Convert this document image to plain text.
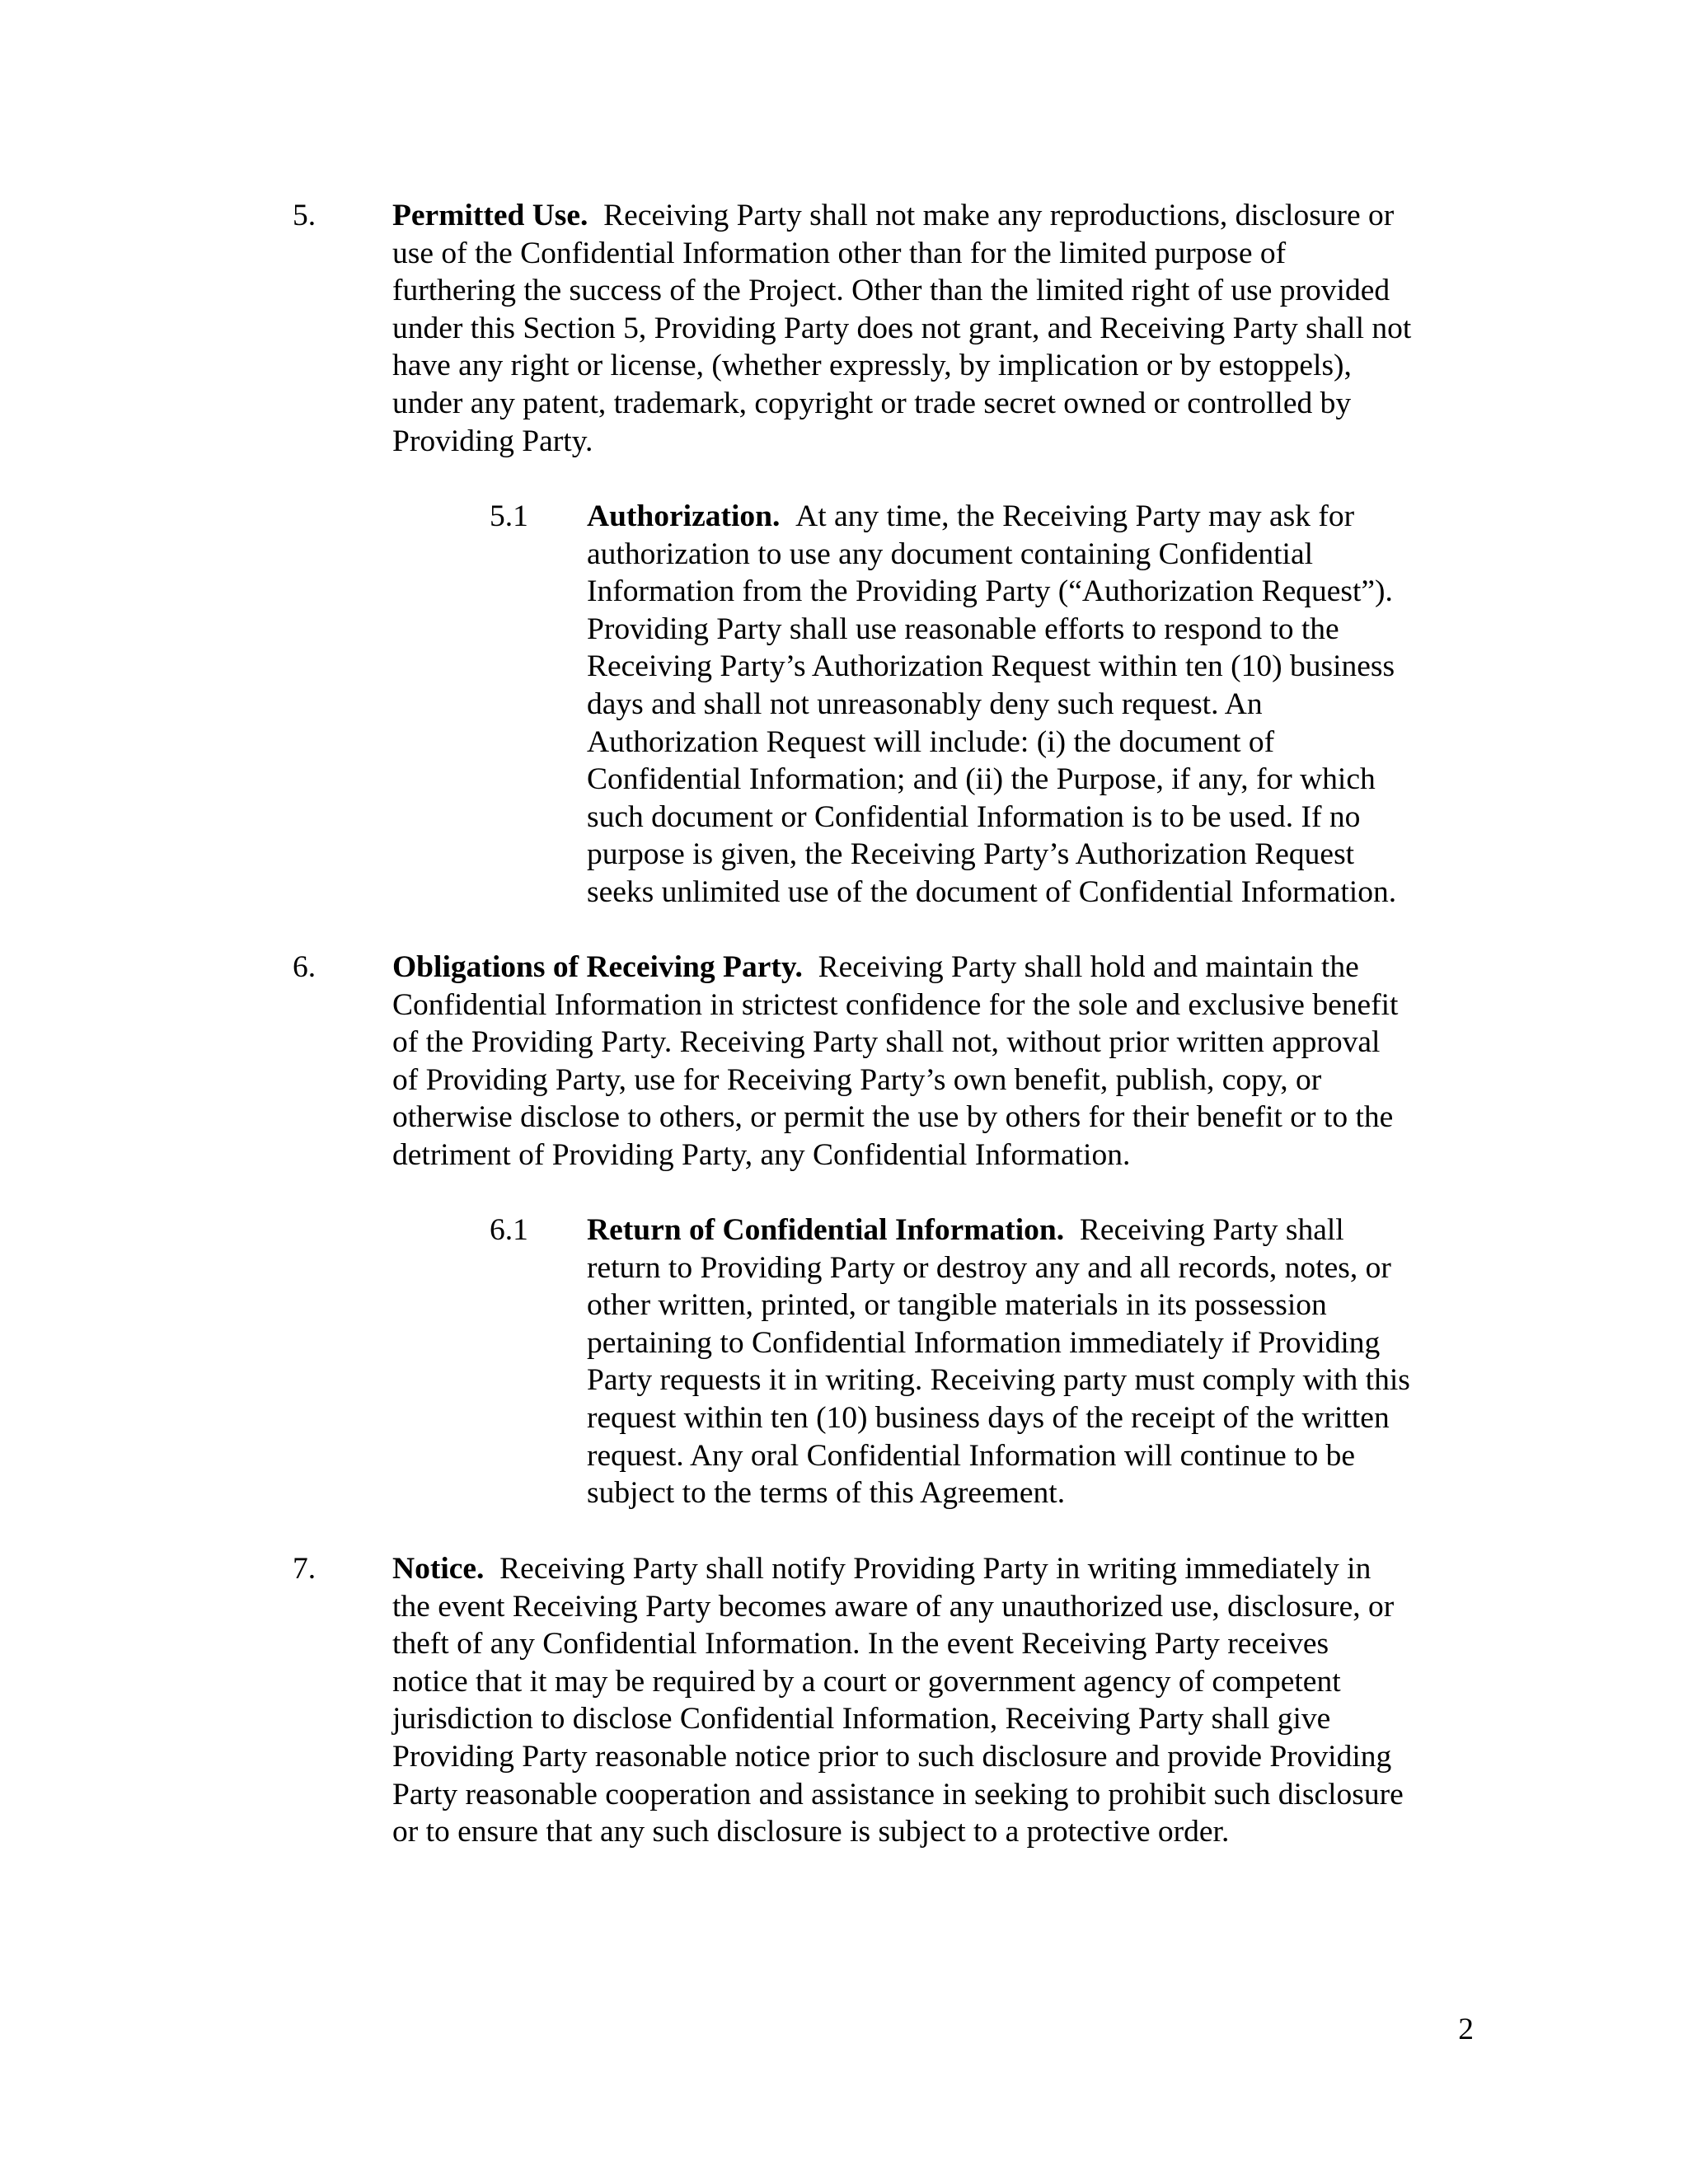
5. Permitted Use. Receiving Party shall not make any reproductions, disclosure or
use of the Confidential Information other than for the limited purpose of
furthering the success of the Project. Other than the limited right of use provided
under this Section 5, Providing Party does not grant, and Receiving Party shall not
have any right or license, (whether expressly, by implication or by estoppels),
under any patent, trademark, copyright or trade secret owned or controlled by
Providing Party.
5.1 Authorization. At any time, the Receiving Party may ask for
authorization to use any document containing Confidential
Information from the Providing Party (“Authorization Request”).
Providing Party shall use reasonable efforts to respond to the
Receiving Party’s Authorization Request within ten (10) business
days and shall not unreasonably deny such request. An
Authorization Request will include: (i) the document of
Confidential Information; and (ii) the Purpose, if any, for which
such document or Confidential Information is to be used. If no
purpose is given, the Receiving Party’s Authorization Request
seeks unlimited use of the document of Confidential Information.
6. Obligations of Receiving Party. Receiving Party shall hold and maintain the
Confidential Information in strictest confidence for the sole and exclusive benefit
of the Providing Party. Receiving Party shall not, without prior written approval
of Providing Party, use for Receiving Party’s own benefit, publish, copy, or
otherwise disclose to others, or permit the use by others for their benefit or to the
detriment of Providing Party, any Confidential Information.
6.1 Return of Confidential Information. Receiving Party shall
return to Providing Party or destroy any and all records, notes, or
other written, printed, or tangible materials in its possession
pertaining to Confidential Information immediately if Providing
Party requests it in writing. Receiving party must comply with this
request within ten (10) business days of the receipt of the written
request. Any oral Confidential Information will continue to be
subject to the terms of this Agreement.
7. Notice. Receiving Party shall notify Providing Party in writing immediately in
the event Receiving Party becomes aware of any unauthorized use, disclosure, or
theft of any Confidential Information. In the event Receiving Party receives
notice that it may be required by a court or government agency of competent
jurisdiction to disclose Confidential Information, Receiving Party shall give
Providing Party reasonable notice prior to such disclosure and provide Providing
Party reasonable cooperation and assistance in seeking to prohibit such disclosure
or to ensure that any such disclosure is subject to a protective order.
2
